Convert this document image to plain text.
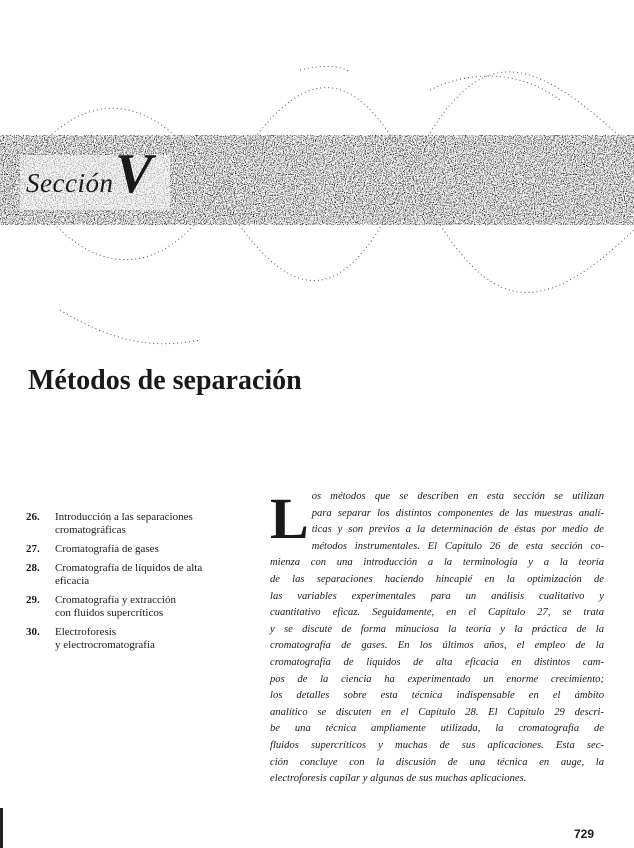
Sección V
Métodos de separación
26.	Introducción a las separaciones
cromatográficas
27.	Cromatografía de gases
28.	Cromatografía de líquidos de alta
eficacia
29.	Cromatografía y extracción
con fluidos supercríticos
30.	Electroforesis
y electrocromatografía
L os métodos que se describen en esta sección se utilizan
para separar los distintos componentes de las muestras analí-
ticas y son previos a la determinación de éstas por medio de
métodos instrumentales. El Capítulo 26 de esta sección co-
mienza con una introducción a la terminología y a la teoría
de las separaciones haciendo hincapié en la optimización de
las variables experimentales para un análisis cualitativo y
cuantitativo eficaz. Seguidamente, en el Capítulo 27, se trata
y se discute de forma minuciosa la teoría y la práctica de la
cromatografía de gases. En los últimos años, el empleo de la
cromatografía de líquidos de alta eficacia en distintos cam-
pos de la ciencia ha experimentado un enorme crecimiento;
los detalles sobre esta técnica indispensable en el ámbito
analítico se discuten en el Capítulo 28. El Capítulo 29 descri-
be una técnica ampliamente utilizada, la cromatografía de
fluidos supercríticos y muchas de sus aplicaciones. Esta sec-
ción concluye con la discusión de una técnica en auge, la
electroforesis capilar y algunas de sus muchas aplicaciones.
729
